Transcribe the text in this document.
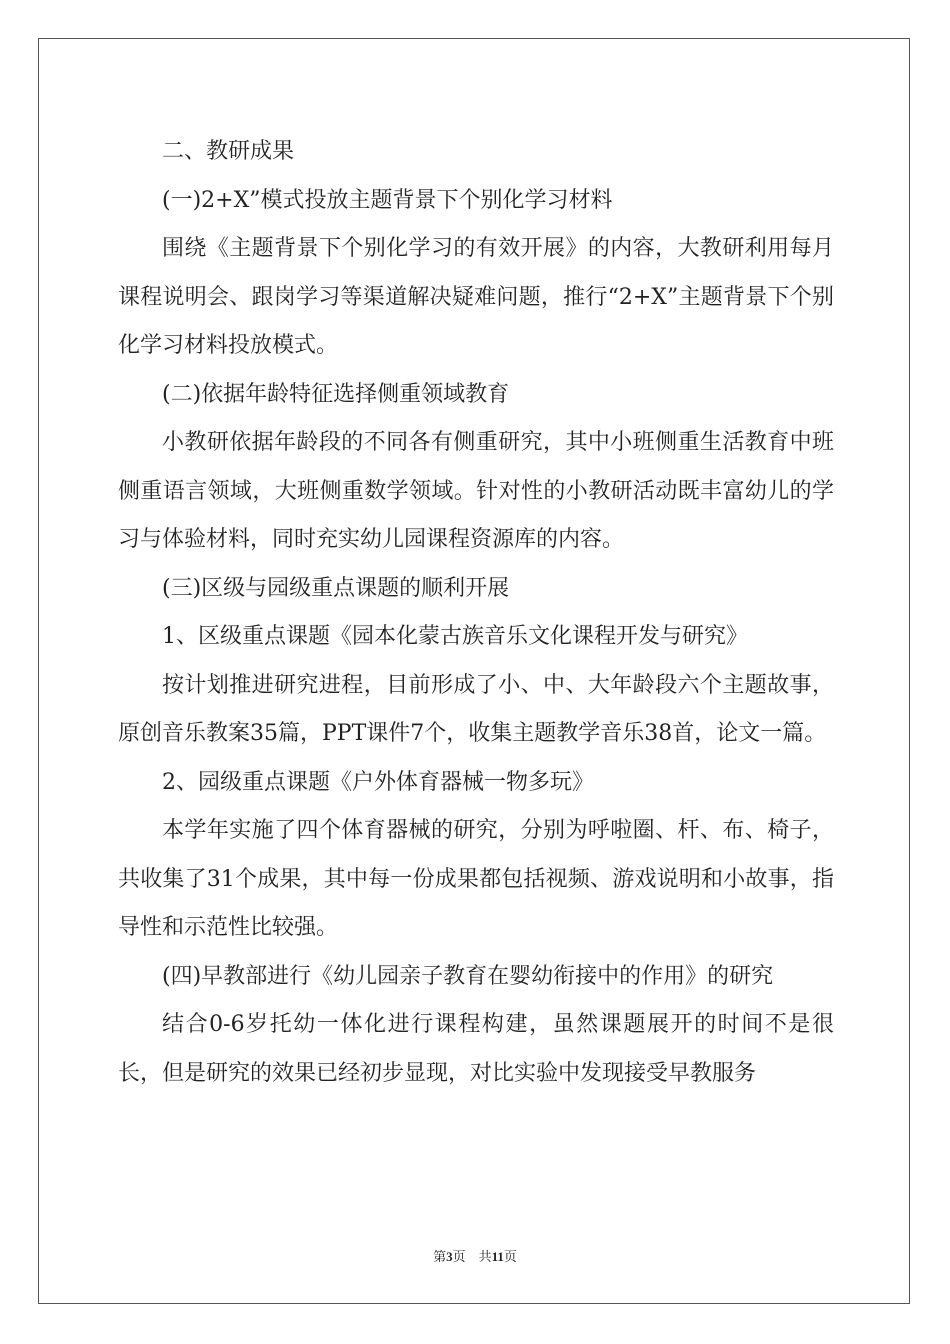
二、教研成果

(一)2+X”模式投放主题背景下个别化学习材料

围绕《主题背景下个别化学习的有效开展》的内容，大教研利用每月课程说明会、跟岗学习等渠道解决疑难问题，推行“2+X”主题背景下个别化学习材料投放模式。

(二)依据年龄特征选择侧重领域教育

小教研依据年龄段的不同各有侧重研究，其中小班侧重生活教育中班侧重语言领域，大班侧重数学领域。针对性的小教研活动既丰富幼儿的学习与体验材料，同时充实幼儿园课程资源库的内容。

(三)区级与园级重点课题的顺利开展

1、区级重点课题《园本化蒙古族音乐文化课程开发与研究》

按计划推进研究进程，目前形成了小、中、大年龄段六个主题故事，原创音乐教案35篇，PPT课件7个，收集主题教学音乐38首，论文一篇。

2、园级重点课题《户外体育器械一物多玩》

本学年实施了四个体育器械的研究，分别为呼啦圈、杆、布、椅子，共收集了31个成果，其中每一份成果都包括视频、游戏说明和小故事，指导性和示范性比较强。

(四)早教部进行《幼儿园亲子教育在婴幼衔接中的作用》的研究

结合0-6岁托幼一体化进行课程构建，虽然课题展开的时间不是很长，但是研究的效果已经初步显现，对比实验中发现接受早教服务

第3页　共11页
